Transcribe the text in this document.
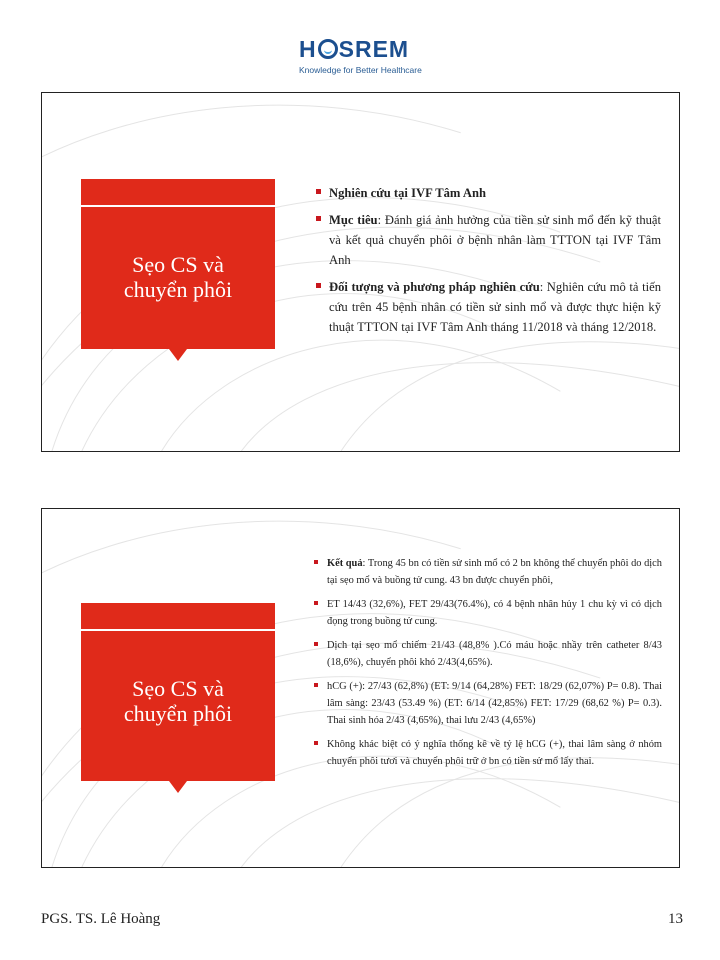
H SREM
Knowledge for Better Healthcare
Sẹo CS và
chuyển phôi
Nghiên cứu tại IVF Tâm Anh
Mục tiêu: Đánh giá ảnh hưởng của tiền sử sinh mổ đến kỹ thuật và kết quả chuyển phôi ở bệnh nhân làm TTTON tại IVF Tâm Anh
Đối tượng và phương pháp nghiên cứu: Nghiên cứu mô tả tiến cứu trên 45 bệnh nhân có tiền sử sinh mổ và được thực hiện kỹ thuật TTTON tại IVF Tâm Anh tháng 11/2018 và tháng 12/2018.
Sẹo CS và
chuyển phôi
Kết quả: Trong 45 bn có tiền sử sinh mổ có 2 bn không thể chuyển phôi do dịch tại sẹo mổ và buồng tử cung. 43 bn được chuyển phôi,
ET 14/43 (32,6%), FET 29/43(76.4%), có 4 bệnh nhân hủy 1 chu kỳ vì có dịch đọng trong buồng tử cung.
Dịch tại sẹo mổ chiếm 21/43 (48,8% ).Có máu hoặc nhầy trên catheter 8/43 (18,6%), chuyển phôi khó 2/43(4,65%).
hCG (+): 27/43 (62,8%) (ET: 9/14 (64,28%) FET: 18/29 (62,07%) P= 0.8). Thai lâm sàng: 23/43 (53.49 %) (ET: 6/14 (42,85%) FET: 17/29 (68,62 %) P= 0.3). Thai sinh hóa 2/43 (4,65%), thai lưu 2/43 (4,65%)
Không khác biệt có ý nghĩa thống kê về tỷ lệ hCG (+), thai lâm sàng ở nhóm chuyển phôi tươi và chuyển phôi trữ ở bn có tiền sử mổ lấy thai.
PGS. TS. Lê Hoàng	13
